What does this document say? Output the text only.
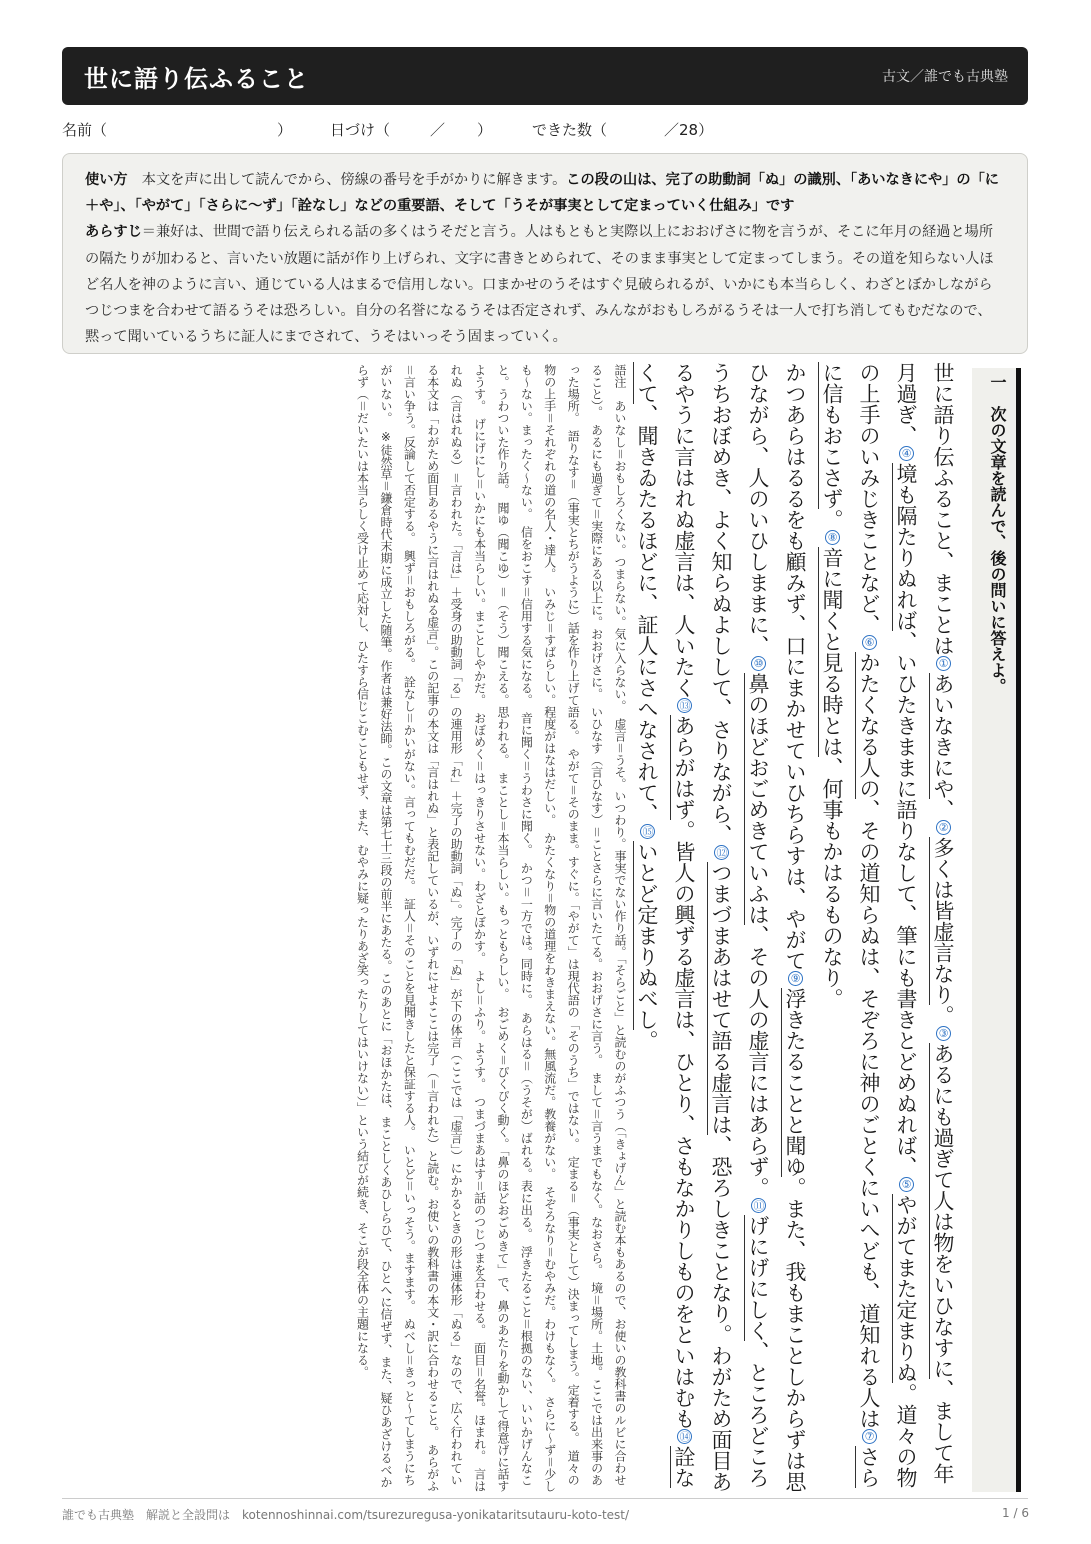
世に語り伝ふること	古文／誰でも古典塾
名前（	）	日づけ（	／ ）	できた数（	／28）

使い方　 本文を声に出して読んでから、傍線の番号を手がかりに解きます。この段の山は、完了の助動詞「ぬ」の識別、「あいなきにや」の「に＋や」、「やがて」「さらに〜ず」「詮なし」などの重要語、そして「うそが事実として定まっていく仕組み」です

あらすじ＝兼好は、世間で語り伝えられる話の多くはうそだと言う。人はもともと実際以上におおげさに物を言うが、そこに年月の経過と場所の隔たりが加わると、言いたい放題に話が作り上げられ、文字に書きとめられて、そのまま事実として定まってしまう。その道を知らない人ほど名人を神のように言い、通じている人はまるで信用しない。口まかせのうそはすぐ見破られるが、いかにも本当らしく、わざとぼかしながらつじつまを合わせて語るうそは恐ろしい。自分の名誉になるうそは否定されず、みんながおもしろがるうそは一人で打ち消してもむだなので、黙って聞いているうちに証人にまでされて、うそはいっそう固まっていく。

一　次の文章を読んで、後の問いに答えよ。

世に語り伝ふること、まことは①あいなきにや、②多くは皆虚言なり。③あるにも過ぎて人は物をいひなすに、まして年月過ぎ、④境も隔たりぬれば、いひたきままに語りなして、筆にも書きとどめぬれば、⑤やがてまた定まりぬ。道々の物の上手のいみじきことなど、⑥かたくなる人の、その道知らぬは、そぞろに神のごとくにいへども、道知れる人は⑦さらに信もおこさず。⑧音に聞くと見る時とは、何事もかはるものなり。

かつあらはるるをも顧みず、口にまかせていひちらすは、やがて⑨浮きたることと聞ゆ。また、我もまことしからずは思ひながら、人のいひしままに、⑩鼻のほどおごめきていふは、その人の虚言にはあらず。⑪げにげにしく、ところどころうちおぼめき、よく知らぬよしして、さりながら、⑫つまづまあはせて語る虚言は、恐ろしきことなり。わがため面目あるやうに言はれぬ虚言は、人いたく⑬あらがはず。皆人の興ずる虚言は、ひとり、さもなかりしものをといはむも⑭詮なくて、聞きゐたるほどに、証人にさへなされて、⑮いとど定まりぬべし。

語注　あいなし＝おもしろくない。つまらない。気に入らない。　虚言＝うそ。いつわり。事実でない作り話。「そらごと」と読むのがふつう（「きょげん」と読む本もあるので、お使いの教科書のルビに合わせること）。　あるにも過ぎて＝実際にある以上に。おおげさに。　いひなす（言ひなす）＝ことさらに言いたてる。おおげさに言う。　まして＝言うまでもなく。なおさら。　境＝場所。土地。ここでは出来事のあった場所。　語りなす＝（事実とちがうように）話を作り上げて語る。　やがて＝そのまま。すぐに。「やがて」は現代語の「そのうち」ではない。　定まる＝（事実として）決まってしまう。定着する。　道々の物の上手＝それぞれの道の名人・達人。　いみじ＝すばらしい。程度がはなはだしい。　かたくなり＝物の道理をわきまえない。無風流だ。教養がない。　そぞろなり＝むやみだ。わけもなく。　さらに〜ず＝少しも〜ない。まったく〜ない。　信をおこす＝信用する気になる。　音に聞く＝うわさに聞く。　かつ＝一方では。同時に。　あらはる＝（うそが）ばれる。表に出る。　浮きたること＝根拠のない、いいかげんなこと。うわついた作り話。　聞ゆ（聞こゆ）＝（そう）聞こえる。思われる。　まことし＝本当らしい。もっともらしい。　おごめく＝ぴくぴく動く。「鼻のほどおごめきて」で、鼻のあたりを動かして得意げに話すようす。　げにげにし＝いかにも本当らしい。まことしやかだ。　おぼめく＝はっきりさせない。わざとぼかす。　よし＝ふり。ようす。　つまづまあはす＝話のつじつまを合わせる。　面目＝名誉。ほまれ。　言はれぬ（言はれぬる）＝言われた。「言は」＋受身の助動詞「る」の連用形「れ」＋完了の助動詞「ぬ」。完了の「ぬ」が下の体言（ここでは「虚言」）にかかるときの形は連体形「ぬる」なので、広く行われている本文は「わがため面目あるやうに言はれぬる虚言」。この記事の本文は「言はれぬ」と表記しているが、いずれにせよここは完了（＝言われた）と読む。お使いの教科書の本文・訳に合わせること。　あらがふ＝言い争う。反論して否定する。　興ず＝おもしろがる。　詮なし＝かいがない。言ってもむだだ。　証人＝そのことを見聞きしたと保証する人。　いとど＝いっそう。ますます。　ぬべし＝きっと〜てしまうにちがいない。　※徒然草＝鎌倉時代末期に成立した随筆。作者は兼好法師。この文章は第七十三段の前半にあたる。このあとに「おほかたは、まことしくあひしらひて、ひとへに信ぜず、また、疑ひあざけるべからず（＝だいたいは本当らしく受け止めて応対し、ひたすら信じこむこともせず、また、むやみに疑ったりあざ笑ったりしてはいけない）」という結びが続き、そこが段全体の主題になる。
誰でも古典塾　解説と全設問は　kotennoshinnai.com/tsurezuregusa-yonikataritsutauru-koto-test/	1 / 6
